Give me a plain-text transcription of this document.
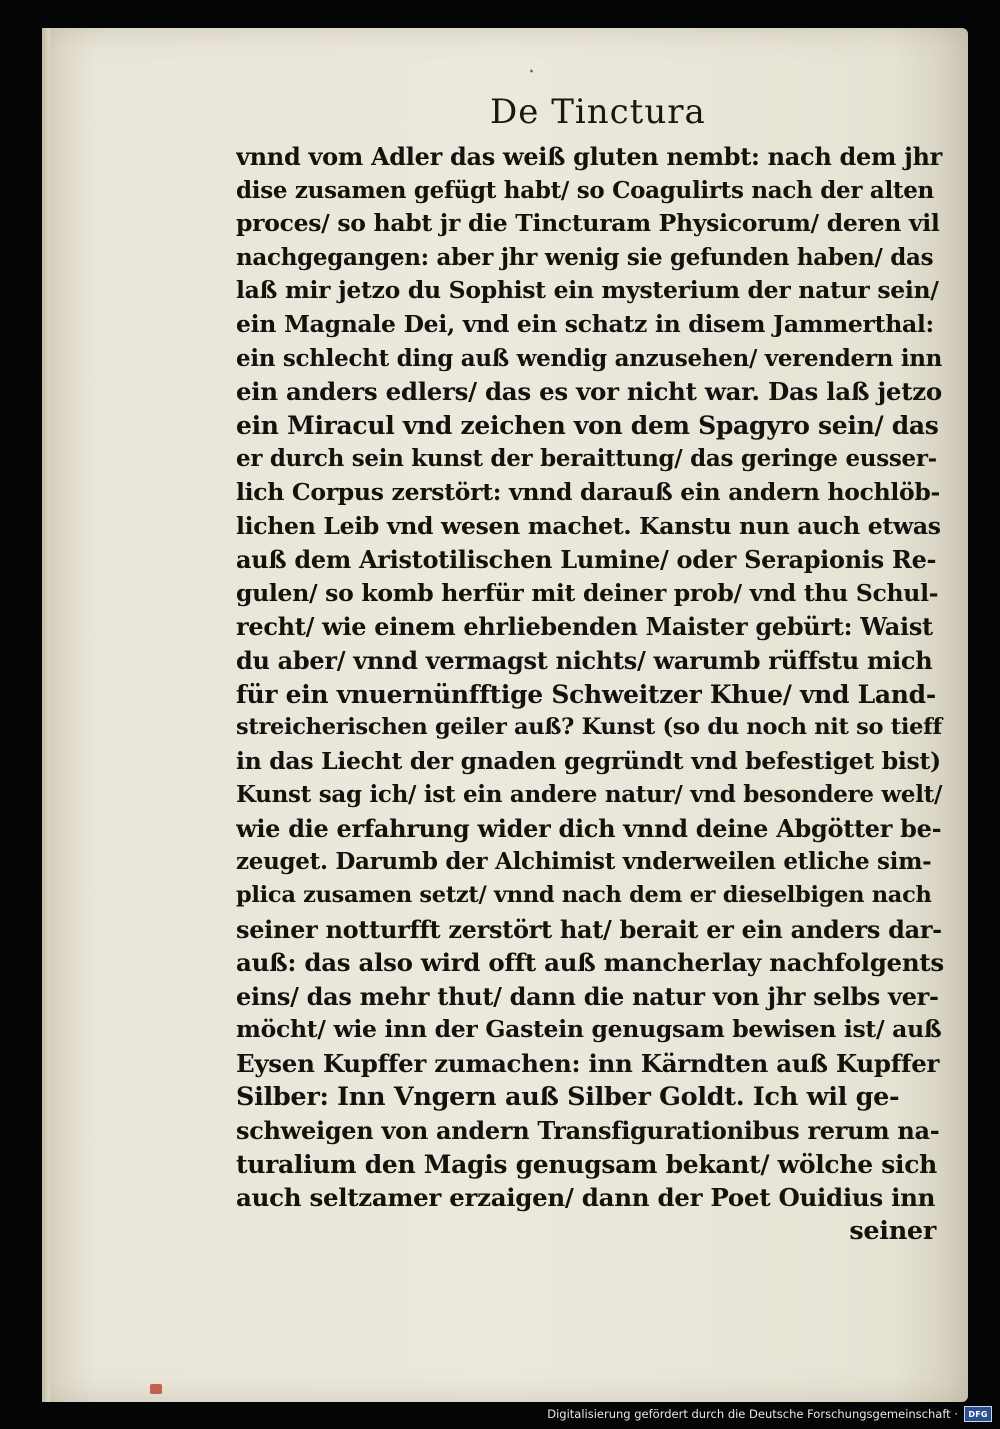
·
De Tinctura
vnnd vom Adler das weiß gluten nembt: nach dem jhr
dise zusamen gefügt habt/ so Coagulirts nach der alten
proces/ so habt jr die Tincturam Physicorum/ deren vil
nachgegangen: aber jhr wenig sie gefunden haben/ das
laß mir jetzo du Sophist ein mysterium der natur sein/
ein Magnale Dei, vnd ein schatz in disem Jammerthal:
ein schlecht ding auß wendig anzusehen/ verendern inn
ein anders edlers/ das es vor nicht war. Das laß jetzo
ein Miracul vnd zeichen von dem Spagyro sein/ das
er durch sein kunst der beraittung/ das geringe eusser-
lich Corpus zerstört: vnnd darauß ein andern hochlöb-
lichen Leib vnd wesen machet. Kanstu nun auch etwas
auß dem Aristotilischen Lumine/ oder Serapionis Re-
gulen/ so komb herfür mit deiner prob/ vnd thu Schul-
recht/ wie einem ehrliebenden Maister gebürt: Waist
du aber/ vnnd vermagst nichts/ warumb rüffstu mich
für ein vnuernünfftige Schweitzer Khue/ vnd Land-
streicherischen geiler auß? Kunst (so du noch nit so tieff
in das Liecht der gnaden gegründt vnd befestiget bist)
Kunst sag ich/ ist ein andere natur/ vnd besondere welt/
wie die erfahrung wider dich vnnd deine Abgötter be-
zeuget. Darumb der Alchimist vnderweilen etliche sim-
plica zusamen setzt/ vnnd nach dem er dieselbigen nach
seiner notturfft zerstört hat/ berait er ein anders dar-
auß: das also wird offt auß mancherlay nachfolgents
eins/ das mehr thut/ dann die natur von jhr selbs ver-
möcht/ wie inn der Gastein genugsam bewisen ist/ auß
Eysen Kupffer zumachen: inn Kärndten auß Kupffer
Silber: Inn Vngern auß Silber Goldt. Ich wil ge-
schweigen von andern Transfigurationibus rerum na-
turalium den Magis genugsam bekant/ wölche sich
auch seltzamer erzaigen/ dann der Poet Ouidius inn
seiner
Digitalisierung gefördert durch die Deutsche Forschungsgemeinschaft · DFG
